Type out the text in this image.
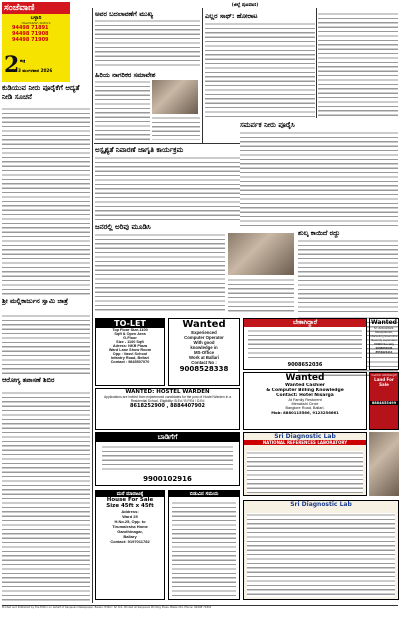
ಸಂಜೆವಾಣಿ
ಬಳ್ಳಾರಿ
ಜಾಹೀರಾತಿಗಾಗಿ ಸಂಪರ್ಕಿಸಿ
94498 71891
94498 71908
94498 71909
2 ಶುಕ್ರ
3 ಮಂಗಳವಾರ 2026
ಕುಡಿಯುವ ನೀರು ಪೂರೈಕೆಗೆ ಆದ್ಯತೆ ನೀಡಿ ಸೂಚನೆ
ಶ್ರೀ ಮಲ್ಲಿಕಾರ್ಜುನ ಸ್ವಾಮಿ ಜಾತ್ರೆ
ಆರೋಗ್ಯ ತಪಾಸಣೆ ಶಿಬಿರ
(ಜಿಲ್ಲೆ ಪುಟವಾಣಿ)
ಅವರ ಬದಲಾವಣೆಗೆ ಮುಖ್ಯ
ಹಿರಿಯ ನಾಗರಿಕರ ಸಮಾವೇಶ
ಎಲ್ಲರ ಸಾಥ್: ಹೋರಾಟ
ಅಸ್ಪೃಶ್ಯತೆ ನಿವಾರಣೆ ಜಾಗೃತಿ ಕಾರ್ಯಕ್ರಮ
ಜನರಲ್ಲಿ ಅರಿವು ಮೂಡಿಸಿ
ಸಮರ್ಪಕ ನೀರು ಪೂರೈಸಿ
ಶುಲ್ಕ ಕಾಯಿದೆ ರದ್ದು
TO-LET
Top Floor Size-1100
Sqft & Open Area
G-Floor
Size - 1100 Sqft
Adress: NKB Plaza
Ward Lane Show Room
Opp : Vasvi School
Infantry Road, Bellari
Contact : 9845507070
Wanted
Experienced
Computer Operator
With good
knowledge in
MS-Office
Work at Ballari
Contact No :
9008528338
ಬೇಕಾಗಿದ್ದಾರೆ
9008652036
Wanted
Sr. Accountant, Receptionist,
Marketing Executive
Security supervisor
VCBN Society
9008652036
8553924412
WANTED: HOSTEL WARDEN
Applications are invited from experienced candidates for the post of Hostel Warden in a Residential School. Eligibility: B.Ed / B.P.Ed / D.Ed
8618252900 , 8884407902
Wanted
Wanted Cashier
& Computer Billing Knowledge
Contact: Hotel Nisarga
At Family Restorent
Menakshi Circle
Banglore Road, Ballari.
Mob: 8880115566, 9123256661
ಜಮೀನು ಮಾರಾಟಕ್ಕಿದೆ
Land For Sale
8884855499
ಬಾಡಿಗೆಗೆ
9900102916
Sri Diagnostic Lab
NATIONAL REFERENCES LABORATORY
Sri Diagnostic Lab
ಮನೆ ಮಾರಾಟಕ್ಕೆ
House For Sale
Size 45ft x 45ft
Address:
Ward 25
H.No.25, Opp. to
Tirumalesha Home
Gandhinagar,
Ballary
Contact: 9197011782
ಬಿಡುವಿನ ಸಮಯ
Printed and Published by the Editor on behalf of Sanjevani Newspaper, Bellari. Editor: Sri R.K. Printed at Sanjevani Printing Press, Ballari Rd. Phone: 94498 71891
